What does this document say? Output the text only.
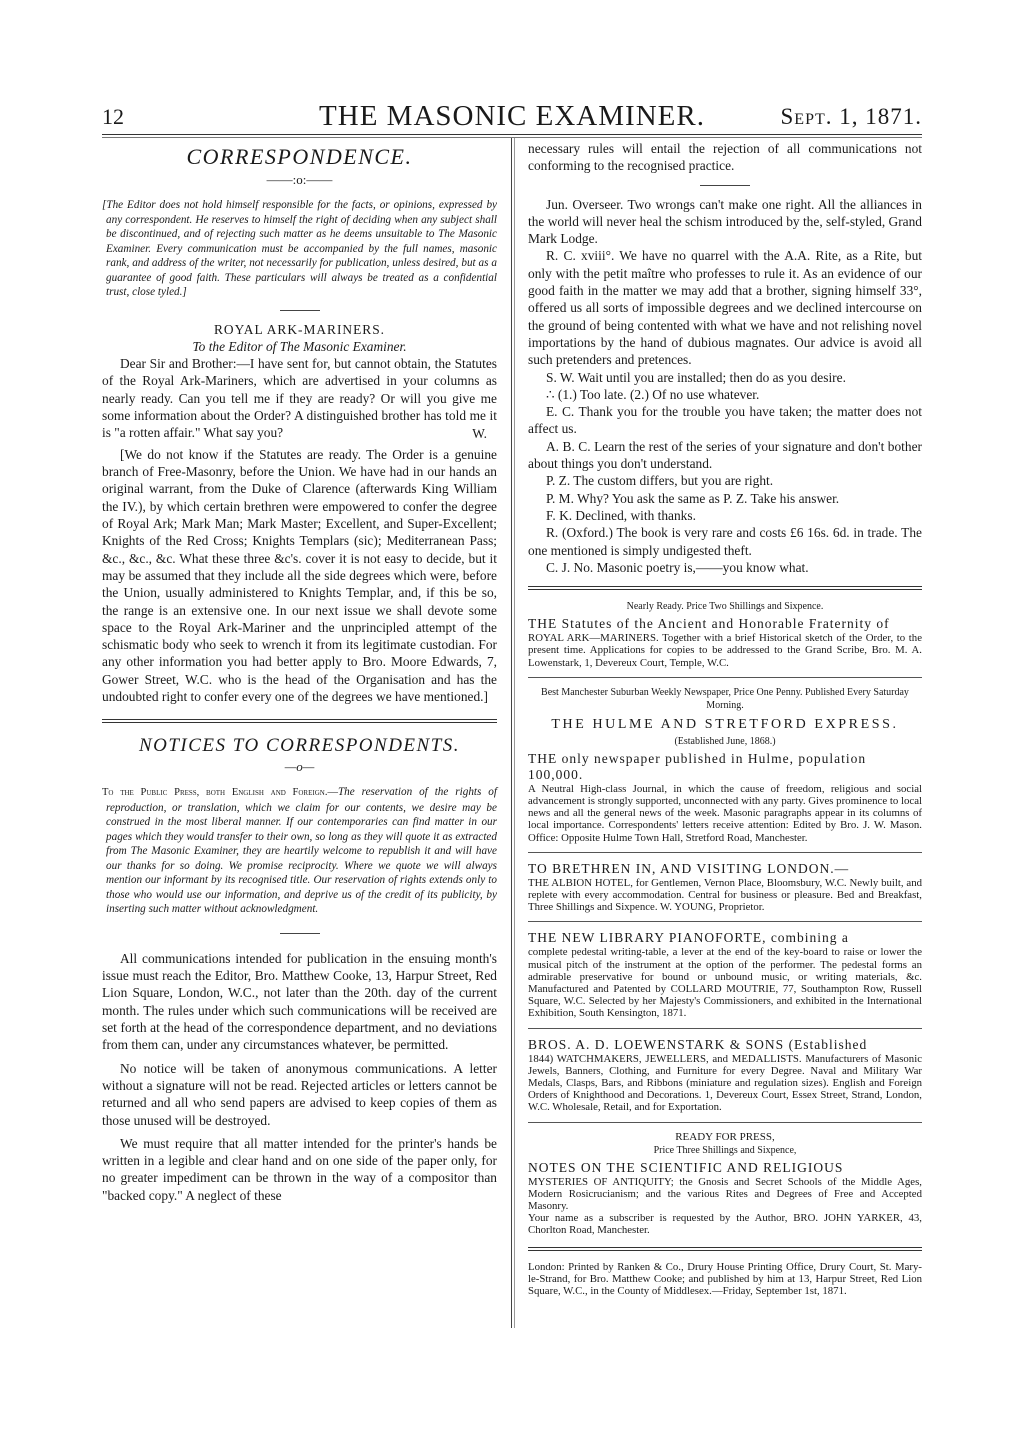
12	THE MASONIC EXAMINER.	Sept. 1, 1871.
CORRESPONDENCE.
——:o:——

[The Editor does not hold himself responsible for the facts, or opinions, expressed by any correspondent. He reserves to himself the right of deciding when any subject shall be discontinued, and of rejecting such matter as he deems unsuitable to The Masonic Examiner. Every communication must be accompanied by the full names, masonic rank, and address of the writer, not necessarily for publication, unless desired, but as a guarantee of good faith. These particulars will always be treated as a confidential trust, close tyled.]

ROYAL ARK-MARINERS.

To the Editor of The Masonic Examiner.

Dear Sir and Brother:—I have sent for, but cannot obtain, the Statutes of the Royal Ark-Mariners, which are advertised in your columns as nearly ready. Can you tell me if they are ready? Or will you give me some information about the Order? A distinguished brother has told me it is "a rotten affair." What say you?	W.

[We do not know if the Statutes are ready. The Order is a genuine branch of Free-Masonry, before the Union. We have had in our hands an original warrant, from the Duke of Clarence (afterwards King William the IV.), by which certain brethren were empowered to confer the degree of Royal Ark; Mark Man; Mark Master; Excellent, and Super-Excellent; Knights of the Red Cross; Knights Templars (sic); Mediterranean Pass; &c., &c., &c. What these three &c's. cover it is not easy to decide, but it may be assumed that they include all the side degrees which were, before the Union, usually administered to Knights Templar, and, if this be so, the range is an extensive one. In our next issue we shall devote some space to the Royal Ark-Mariner and the unprincipled attempt of the schismatic body who seek to wrench it from its legitimate custodian. For any other information you had better apply to Bro. Moore Edwards, 7, Gower Street, W.C. who is the head of the Organisation and has the undoubted right to confer every one of the degrees we have mentioned.]

NOTICES TO CORRESPONDENTS.
—o—

To the Public Press, both English and Foreign.—The reservation of the rights of reproduction, or translation, which we claim for our contents, we desire may be construed in the most liberal manner. If our contemporaries can find matter in our pages which they would transfer to their own, so long as they will quote it as extracted from The Masonic Examiner, they are heartily welcome to republish it and will have our thanks for so doing. We promise reciprocity. Where we quote we will always mention our informant by its recognised title. Our reservation of rights extends only to those who would use our information, and deprive us of the credit of its publicity, by inserting such matter without acknowledgment.

All communications intended for publication in the ensuing month's issue must reach the Editor, Bro. Matthew Cooke, 13, Harpur Street, Red Lion Square, London, W.C., not later than the 20th. day of the current month. The rules under which such communications will be received are set forth at the head of the correspondence department, and no deviations from them can, under any circumstances whatever, be permitted.

No notice will be taken of anonymous communications. A letter without a signature will not be read. Rejected articles or letters cannot be returned and all who send papers are advised to keep copies of them as those unused will be destroyed.

We must require that all matter intended for the printer's hands be written in a legible and clear hand and on one side of the paper only, for no greater impediment can be thrown in the way of a compositor than "backed copy." A neglect of these

necessary rules will entail the rejection of all communications not conforming to the recognised practice.

Jun. Overseer. Two wrongs can't make one right. All the alliances in the world will never heal the schism introduced by the, self-styled, Grand Mark Lodge.

R. C. xviii°. We have no quarrel with the A.A. Rite, as a Rite, but only with the petit maître who professes to rule it. As an evidence of our good faith in the matter we may add that a brother, signing himself 33°, offered us all sorts of impossible degrees and we declined intercourse on the ground of being contented with what we have and not relishing novel importations by the hand of dubious magnates. Our advice is avoid all such pretenders and pretences.

S. W. Wait until you are installed; then do as you desire.

∴ (1.) Too late. (2.) Of no use whatever.

E. C. Thank you for the trouble you have taken; the matter does not affect us.

A. B. C. Learn the rest of the series of your signature and don't bother about things you don't understand.

P. Z. The custom differs, but you are right.

P. M. Why? You ask the same as P. Z. Take his answer.

F. K. Declined, with thanks.

R. (Oxford.) The book is very rare and costs £6 16s. 6d. in trade. The one mentioned is simply undigested theft.

C. J. No. Masonic poetry is,——you know what.

Nearly Ready. Price Two Shillings and Sixpence.

THE Statutes of the Ancient and Honorable Fraternity of

ROYAL ARK—MARINERS. Together with a brief Historical sketch of the Order, to the present time. Applications for copies to be addressed to the Grand Scribe, Bro. M. A. Lowenstark, 1, Devereux Court, Temple, W.C.

Best Manchester Suburban Weekly Newspaper, Price One Penny. Published Every Saturday Morning.

THE HULME AND STRETFORD EXPRESS.

(Established June, 1868.)

THE only newspaper published in Hulme, population 100,000.

A Neutral High-class Journal, in which the cause of freedom, religious and social advancement is strongly supported, unconnected with any party. Gives prominence to local news and all the general news of the week. Masonic paragraphs appear in its columns of local importance. Correspondents' letters receive attention: Edited by Bro. J. W. Mason. Office: Opposite Hulme Town Hall, Stretford Road, Manchester.

TO BRETHREN IN, AND VISITING LONDON.—

THE ALBION HOTEL, for Gentlemen, Vernon Place, Bloomsbury, W.C. Newly built, and replete with every accommodation. Central for business or pleasure. Bed and Breakfast, Three Shillings and Sixpence. W. YOUNG, Proprietor.

THE NEW LIBRARY PIANOFORTE, combining a

complete pedestal writing-table, a lever at the end of the key-board to raise or lower the musical pitch of the instrument at the option of the performer. The pedestal forms an admirable preservative for bound or unbound music, or writing materials, &c. Manufactured and Patented by COLLARD MOUTRIE, 77, Southampton Row, Russell Square, W.C. Selected by her Majesty's Commissioners, and exhibited in the International Exhibition, South Kensington, 1871.

BROS. A. D. LOEWENSTARK & SONS (Established

1844) WATCHMAKERS, JEWELLERS, and MEDALLISTS. Manufacturers of Masonic Jewels, Banners, Clothing, and Furniture for every Degree. Naval and Military War Medals, Clasps, Bars, and Ribbons (miniature and regulation sizes). English and Foreign Orders of Knighthood and Decorations. 1, Devereux Court, Essex Street, Strand, London, W.C. Wholesale, Retail, and for Exportation.

READY FOR PRESS,

Price Three Shillings and Sixpence,

NOTES ON THE SCIENTIFIC AND RELIGIOUS

MYSTERIES OF ANTIQUITY; the Gnosis and Secret Schools of the Middle Ages, Modern Rosicrucianism; and the various Rites and Degrees of Free and Accepted Masonry.

Your name as a subscriber is requested by the Author, BRO. JOHN YARKER, 43, Chorlton Road, Manchester.

London: Printed by Ranken & Co., Drury House Printing Office, Drury Court, St. Mary-le-Strand, for Bro. Matthew Cooke; and published by him at 13, Harpur Street, Red Lion Square, W.C., in the County of Middlesex.—Friday, September 1st, 1871.
